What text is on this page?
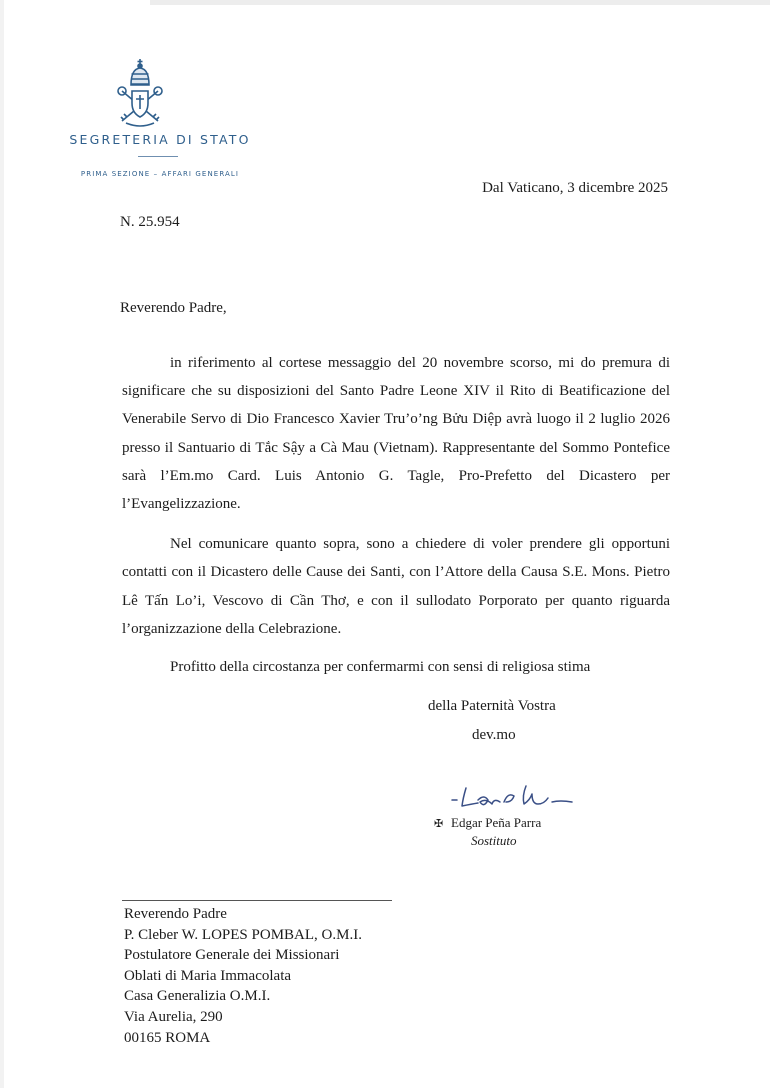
SEGRETERIA DI STATO
PRIMA SEZIONE – AFFARI GENERALI
Dal Vaticano, 3 dicembre 2025
N. 25.954
Reverendo Padre,

in riferimento al cortese messaggio del 20 novembre scorso, mi do premura di significare che su disposizioni del Santo Padre Leone XIV il Rito di Beatificazione del Venerabile Servo di Dio Francesco Xavier Tru’o’ng Bửu Diệp avrà luogo il 2 luglio 2026 presso il Santuario di Tắc Sậy a Cà Mau (Vietnam). Rappresentante del Sommo Pontefice sarà l’Em.mo Card. Luis Antonio G. Tagle, Pro-Prefetto del Dicastero per l’Evangelizzazione.

Nel comunicare quanto sopra, sono a chiedere di voler prendere gli opportuni contatti con il Dicastero delle Cause dei Santi, con l’Attore della Causa S.E. Mons. Pietro Lê Tấn Lo’i, Vescovo di Cần Thơ, e con il sullodato Porporato per quanto riguarda l’organizzazione della Celebrazione.

Profitto della circostanza per confermarmi con sensi di religiosa stima
della Paternità Vostra
dev.mo
✠ Edgar Peña Parra
Sostituto
Reverendo Padre
P. Cleber W. LOPES POMBAL, O.M.I.
Postulatore Generale dei Missionari
Oblati di Maria Immacolata
Casa Generalizia O.M.I.
Via Aurelia, 290
00165 ROMA
